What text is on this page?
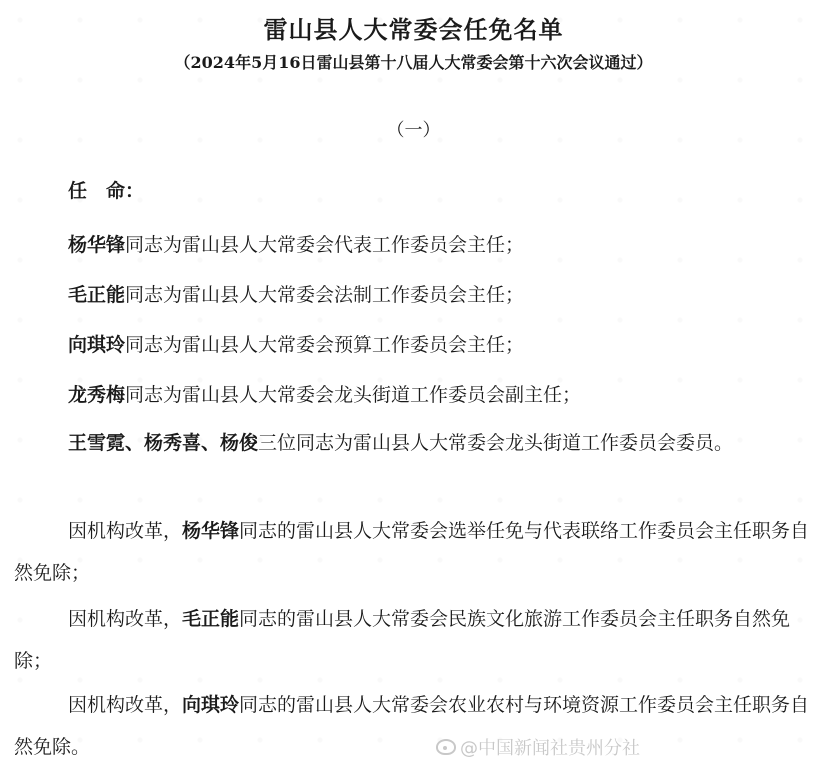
雷山县人大常委会任免名单
（2024年5月16日雷山县第十八届人大常委会第十六次会议通过）
（一）
任　命：
杨华锋同志为雷山县人大常委会代表工作委员会主任；
毛正能同志为雷山县人大常委会法制工作委员会主任；
向琪玲同志为雷山县人大常委会预算工作委员会主任；
龙秀梅同志为雷山县人大常委会龙头街道工作委员会副主任；
王雪霓、杨秀喜、杨俊三位同志为雷山县人大常委会龙头街道工作委员会委员。
因机构改革，杨华锋同志的雷山县人大常委会选举任免与代表联络工作委员会主任职务自然免除；
因机构改革，毛正能同志的雷山县人大常委会民族文化旅游工作委员会主任职务自然免除；
因机构改革，向琪玲同志的雷山县人大常委会农业农村与环境资源工作委员会主任职务自然免除。	@中国新闻社贵州分社
